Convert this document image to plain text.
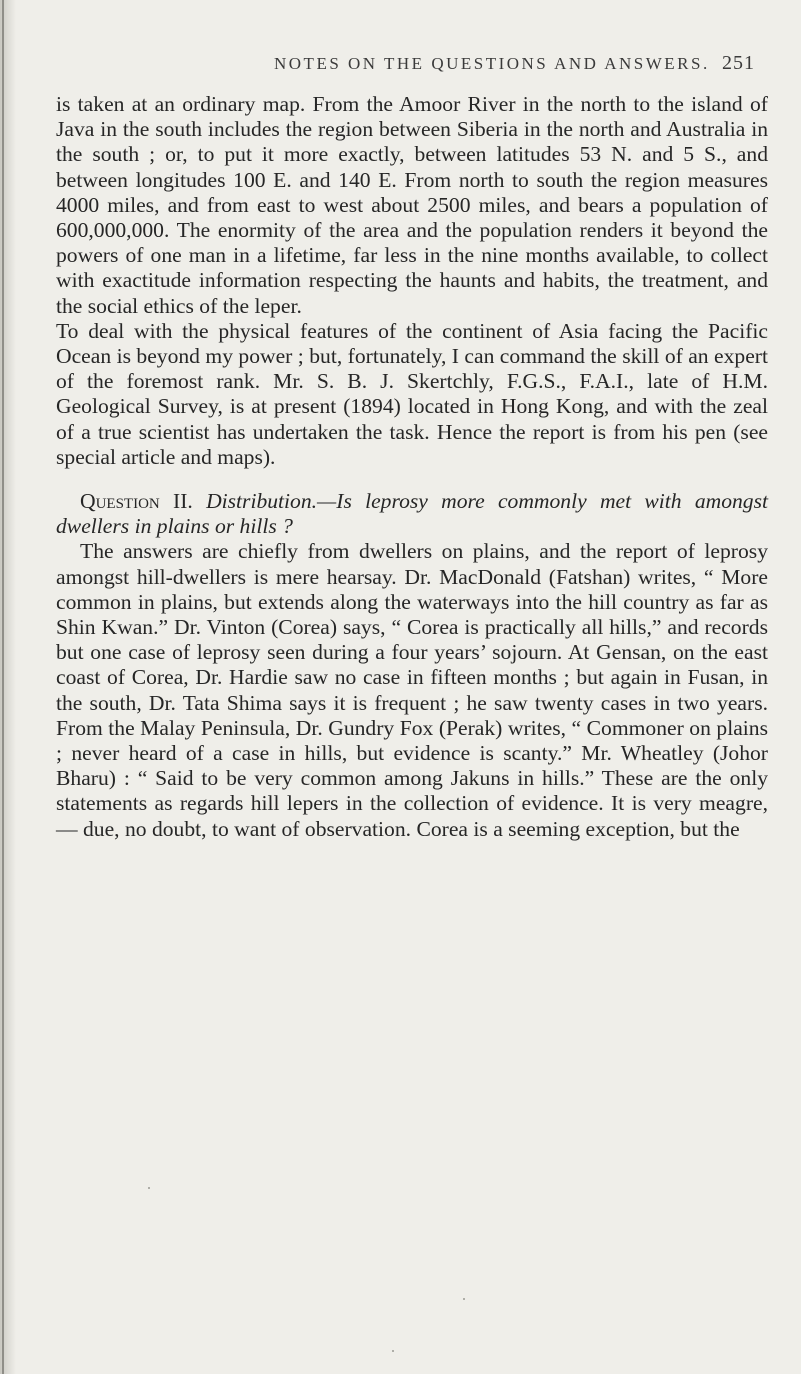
NOTES ON THE QUESTIONS AND ANSWERS. 251

is taken at an ordinary map. From the Amoor River in the north to the island of Java in the south includes the region between Siberia in the north and Australia in the south ; or, to put it more exactly, between latitudes 53 N. and 5 S., and between longitudes 100 E. and 140 E. From north to south the region measures 4000 miles, and from east to west about 2500 miles, and bears a population of 600,000,000. The enormity of the area and the population renders it beyond the powers of one man in a lifetime, far less in the nine months available, to collect with exactitude information respecting the haunts and habits, the treatment, and the social ethics of the leper.

To deal with the physical features of the continent of Asia facing the Pacific Ocean is beyond my power ; but, fortunately, I can command the skill of an expert of the foremost rank. Mr. S. B. J. Skertchly, F.G.S., F.A.I., late of H.M. Geological Survey, is at present (1894) located in Hong Kong, and with the zeal of a true scientist has undertaken the task. Hence the report is from his pen (see special article and maps).

Question II. Distribution.—Is leprosy more commonly met with amongst dwellers in plains or hills ?

The answers are chiefly from dwellers on plains, and the report of leprosy amongst hill-dwellers is mere hearsay. Dr. MacDonald (Fatshan) writes, “ More common in plains, but extends along the waterways into the hill country as far as Shin Kwan.” Dr. Vinton (Corea) says, “ Corea is practically all hills,” and records but one case of leprosy seen during a four years’ sojourn. At Gensan, on the east coast of Corea, Dr. Hardie saw no case in fifteen months ; but again in Fusan, in the south, Dr. Tata Shima says it is frequent ; he saw twenty cases in two years. From the Malay Peninsula, Dr. Gundry Fox (Perak) writes, “ Commoner on plains ; never heard of a case in hills, but evidence is scanty.” Mr. Wheatley (Johor Bharu) : “ Said to be very common among Jakuns in hills.” These are the only statements as regards hill lepers in the collection of evidence. It is very meagre, — due, no doubt, to want of observation. Corea is a seeming exception, but the
